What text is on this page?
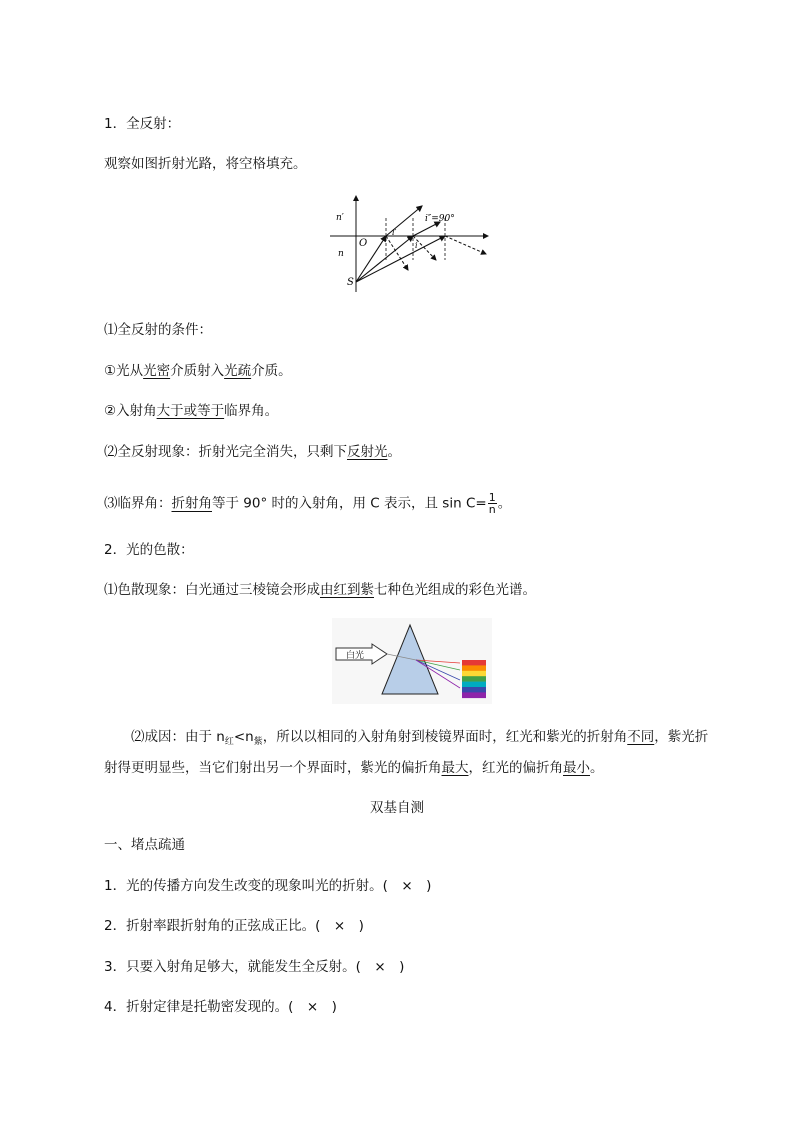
1．全反射：
观察如图折射光路，将空格填充。
n′
n
O
S
i″=90°
i′
i
⑴全反射的条件：
①光从光密介质射入光疏介质。
②入射角大于或等于临界角。
⑵全反射现象：折射光完全消失，只剩下反射光。
⑶临界角：折射角等于 90° 时的入射角，用 C 表示，且 $\sin C= \frac{1}{n}$ 。
2．光的色散：
⑴色散现象：白光通过三棱镜会形成由红到紫七种色光组成的彩色光谱。
白光
⑵成因：由于 $n_红<n_紫$，所以以相同的入射角射到棱镜界面时，红光和紫光的折射角不同，紫光折射得更明显些，当它们射出另一个界面时，紫光的偏折角最大，红光的偏折角最小。
双基自测
一、堵点疏通
1．光的传播方向发生改变的现象叫光的折射。(　×　)
2．折射率跟折射角的正弦成正比。(　×　)
3．只要入射角足够大，就能发生全反射。(　×　)
4．折射定律是托勒密发现的。(　×　)
